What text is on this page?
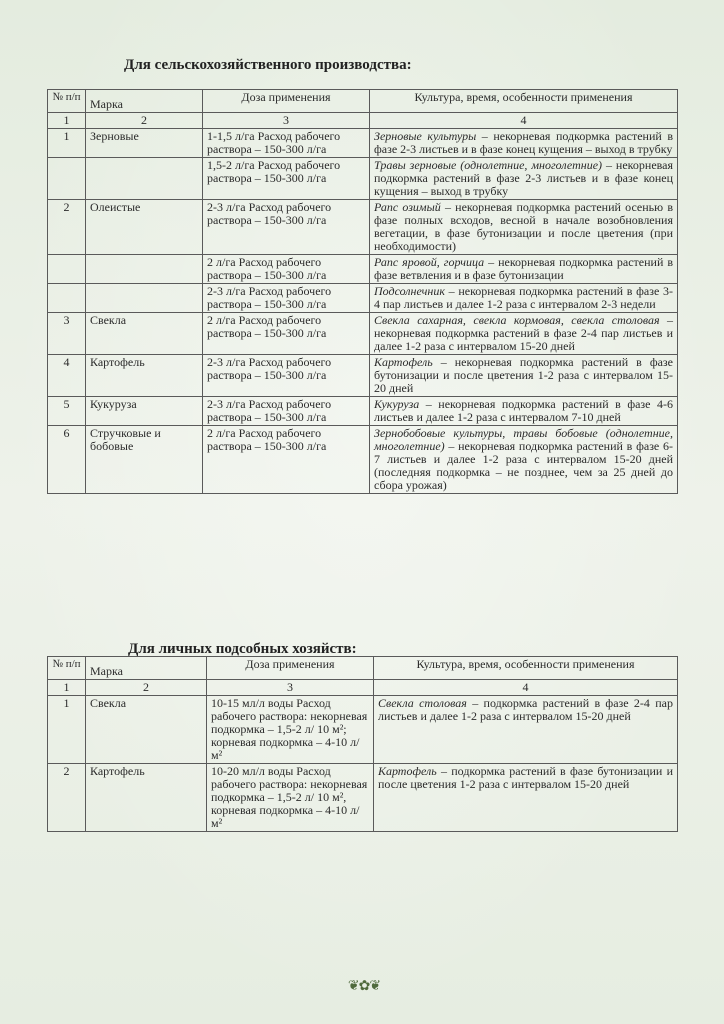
Для сельскохозяйственного производства:
№ п/п	Марка	Доза применения	Культура, время, особенности применения
1	2	3	4
1	Зерновые	1-1,5 л/га Расход рабочего раствора – 150-300 л/га	Зерновые культуры – некорневая подкормка растений в фазе 2-3 листьев и в фазе конец кущения – выход в трубку
		1,5-2 л/га Расход рабочего раствора – 150-300 л/га	Травы зерновые (однолетние, многолетние) – некорневая подкормка растений в фазе 2-3 листьев и в фазе конец кущения – выход в трубку
2	Олеистые	2-3 л/га Расход рабочего раствора – 150-300 л/га	Рапс озимый – некорневая подкормка растений осенью в фазе полных всходов, весной в начале возобновления вегетации, в фазе бутонизации и после цветения (при необходимости)
		2 л/га Расход рабочего раствора – 150-300 л/га	Рапс яровой, горчица – некорневая подкормка растений в фазе ветвления и в фазе бутонизации
		2-3 л/га Расход рабочего раствора – 150-300 л/га	Подсолнечник – некорневая подкормка растений в фазе 3-4 пар листьев и далее 1-2 раза с интервалом 2-3 недели
3	Свекла	2 л/га Расход рабочего раствора – 150-300 л/га	Свекла сахарная, свекла кормовая, свекла столовая – некорневая подкормка растений в фазе 2-4 пар листьев и далее 1-2 раза с интервалом 15-20 дней
4	Картофель	2-3 л/га Расход рабочего раствора – 150-300 л/га	Картофель – некорневая подкормка растений в фазе бутонизации и после цветения 1-2 раза с интервалом 15-20 дней
5	Кукуруза	2-3 л/га Расход рабочего раствора – 150-300 л/га	Кукуруза – некорневая подкормка растений в фазе 4-6 листьев и далее 1-2 раза с интервалом 7-10 дней
6	Стручковые и бобовые	2 л/га Расход рабочего раствора – 150-300 л/га	Зернобобовые культуры, травы бобовые (однолетние, многолетние) – некорневая подкормка растений в фазе 6-7 листьев и далее 1-2 раза с интервалом 15-20 дней (последняя подкормка – не позднее, чем за 25 дней до сбора урожая)
Для личных подсобных хозяйств:
№ п/п	Марка	Доза применения	Культура, время, особенности применения
1	2	3	4
1	Свекла	10-15 мл/л воды Расход рабочего раствора: некорневая подкормка – 1,5-2 л/ 10 м²; корневая подкормка – 4-10 л/ м²	Свекла столовая – подкормка растений в фазе 2-4 пар листьев и далее 1-2 раза с интервалом 15-20 дней
2	Картофель	10-20 мл/л воды Расход рабочего раствора: некорневая подкормка – 1,5-2 л/ 10 м², корневая подкормка – 4-10 л/м²	Картофель – подкормка растений в фазе бутонизации и после цветения 1-2 раза с интервалом 15-20 дней
❦✿❦
